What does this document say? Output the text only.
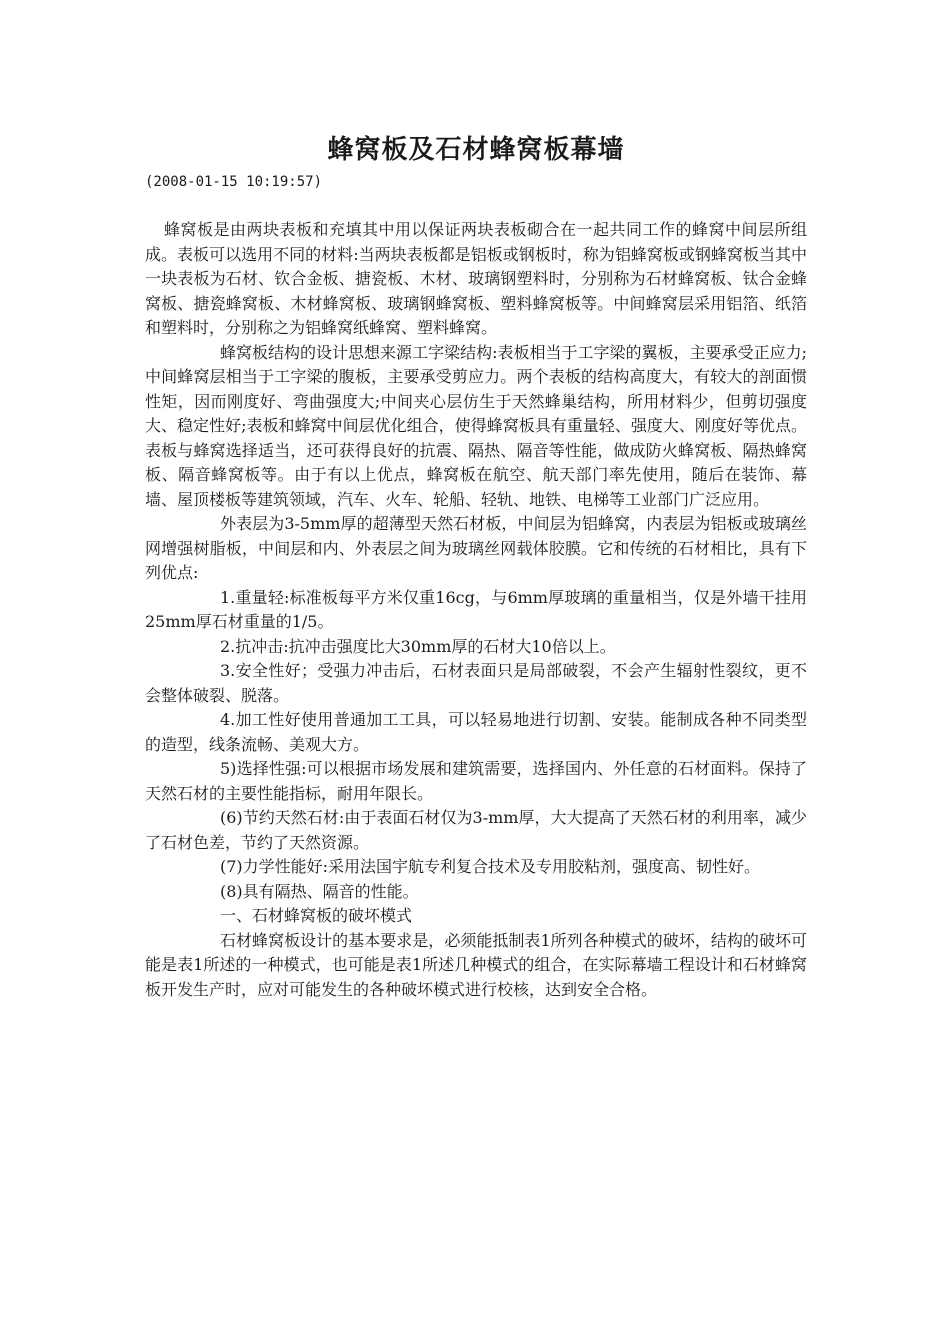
蜂窝板及石材蜂窝板幕墙

(2008-01-15 10:19:57)

蜂窝板是由两块表板和充填其中用以保证两块表板砌合在一起共同工作的蜂窝中间层所组成。表板可以选用不同的材料:当两块表板都是铝板或钢板时，称为铝蜂窝板或钢蜂窝板当其中一块表板为石材、钦合金板、搪瓷板、木材、玻璃钢塑料时，分别称为石材蜂窝板、钛合金蜂窝板、搪瓷蜂窝板、木材蜂窝板、玻璃钢蜂窝板、塑料蜂窝板等。中间蜂窝层采用铝箔、纸箔和塑料时，分别称之为铝蜂窝纸蜂窝、塑料蜂窝。

蜂窝板结构的设计思想来源工字梁结构:表板相当于工字梁的翼板，主要承受正应力;中间蜂窝层相当于工字梁的腹板，主要承受剪应力。两个表板的结构高度大，有较大的剖面惯性矩，因而刚度好、弯曲强度大;中间夹心层仿生于天然蜂巢结构，所用材料少，但剪切强度大、稳定性好;表板和蜂窝中间层优化组合，使得蜂窝板具有重量轻、强度大、刚度好等优点。表板与蜂窝选择适当，还可获得良好的抗震、隔热、隔音等性能，做成防火蜂窝板、隔热蜂窝板、隔音蜂窝板等。由于有以上优点，蜂窝板在航空、航天部门率先使用，随后在装饰、幕墙、屋顶楼板等建筑领域，汽车、火车、轮船、轻轨、地铁、电梯等工业部门广泛应用。

外表层为3-5mm厚的超薄型天然石材板，中间层为铝蜂窝，内表层为铝板或玻璃丝网增强树脂板，中间层和内、外表层之间为玻璃丝网载体胶膜。它和传统的石材相比，具有下列优点:

1.重量轻:标准板每平方米仅重16cg，与6mm厚玻璃的重量相当，仅是外墙干挂用25mm厚石材重量的1/5。

2.抗冲击:抗冲击强度比大30mm厚的石材大10倍以上。

3.安全性好；受强力冲击后，石材表面只是局部破裂，不会产生辐射性裂纹，更不会整体破裂、脱落。

4.加工性好使用普通加工工具，可以轻易地进行切割、安装。能制成各种不同类型的造型，线条流畅、美观大方。

5)选择性强:可以根据市场发展和建筑需要，选择国内、外任意的石材面料。保持了天然石材的主要性能指标，耐用年限长。

(6)节约天然石材:由于表面石材仅为3-mm厚，大大提高了天然石材的利用率，减少了石材色差，节约了天然资源。

(7)力学性能好:采用法国宇航专利复合技术及专用胶粘剂，强度高、韧性好。

(8)具有隔热、隔音的性能。

一、石材蜂窝板的破坏模式

石材蜂窝板设计的基本要求是，必须能抵制表1所列各种模式的破坏，结构的破坏可能是表1所述的一种模式，也可能是表1所述几种模式的组合，在实际幕墙工程设计和石材蜂窝板开发生产时，应对可能发生的各种破坏模式进行校核，达到安全合格。
